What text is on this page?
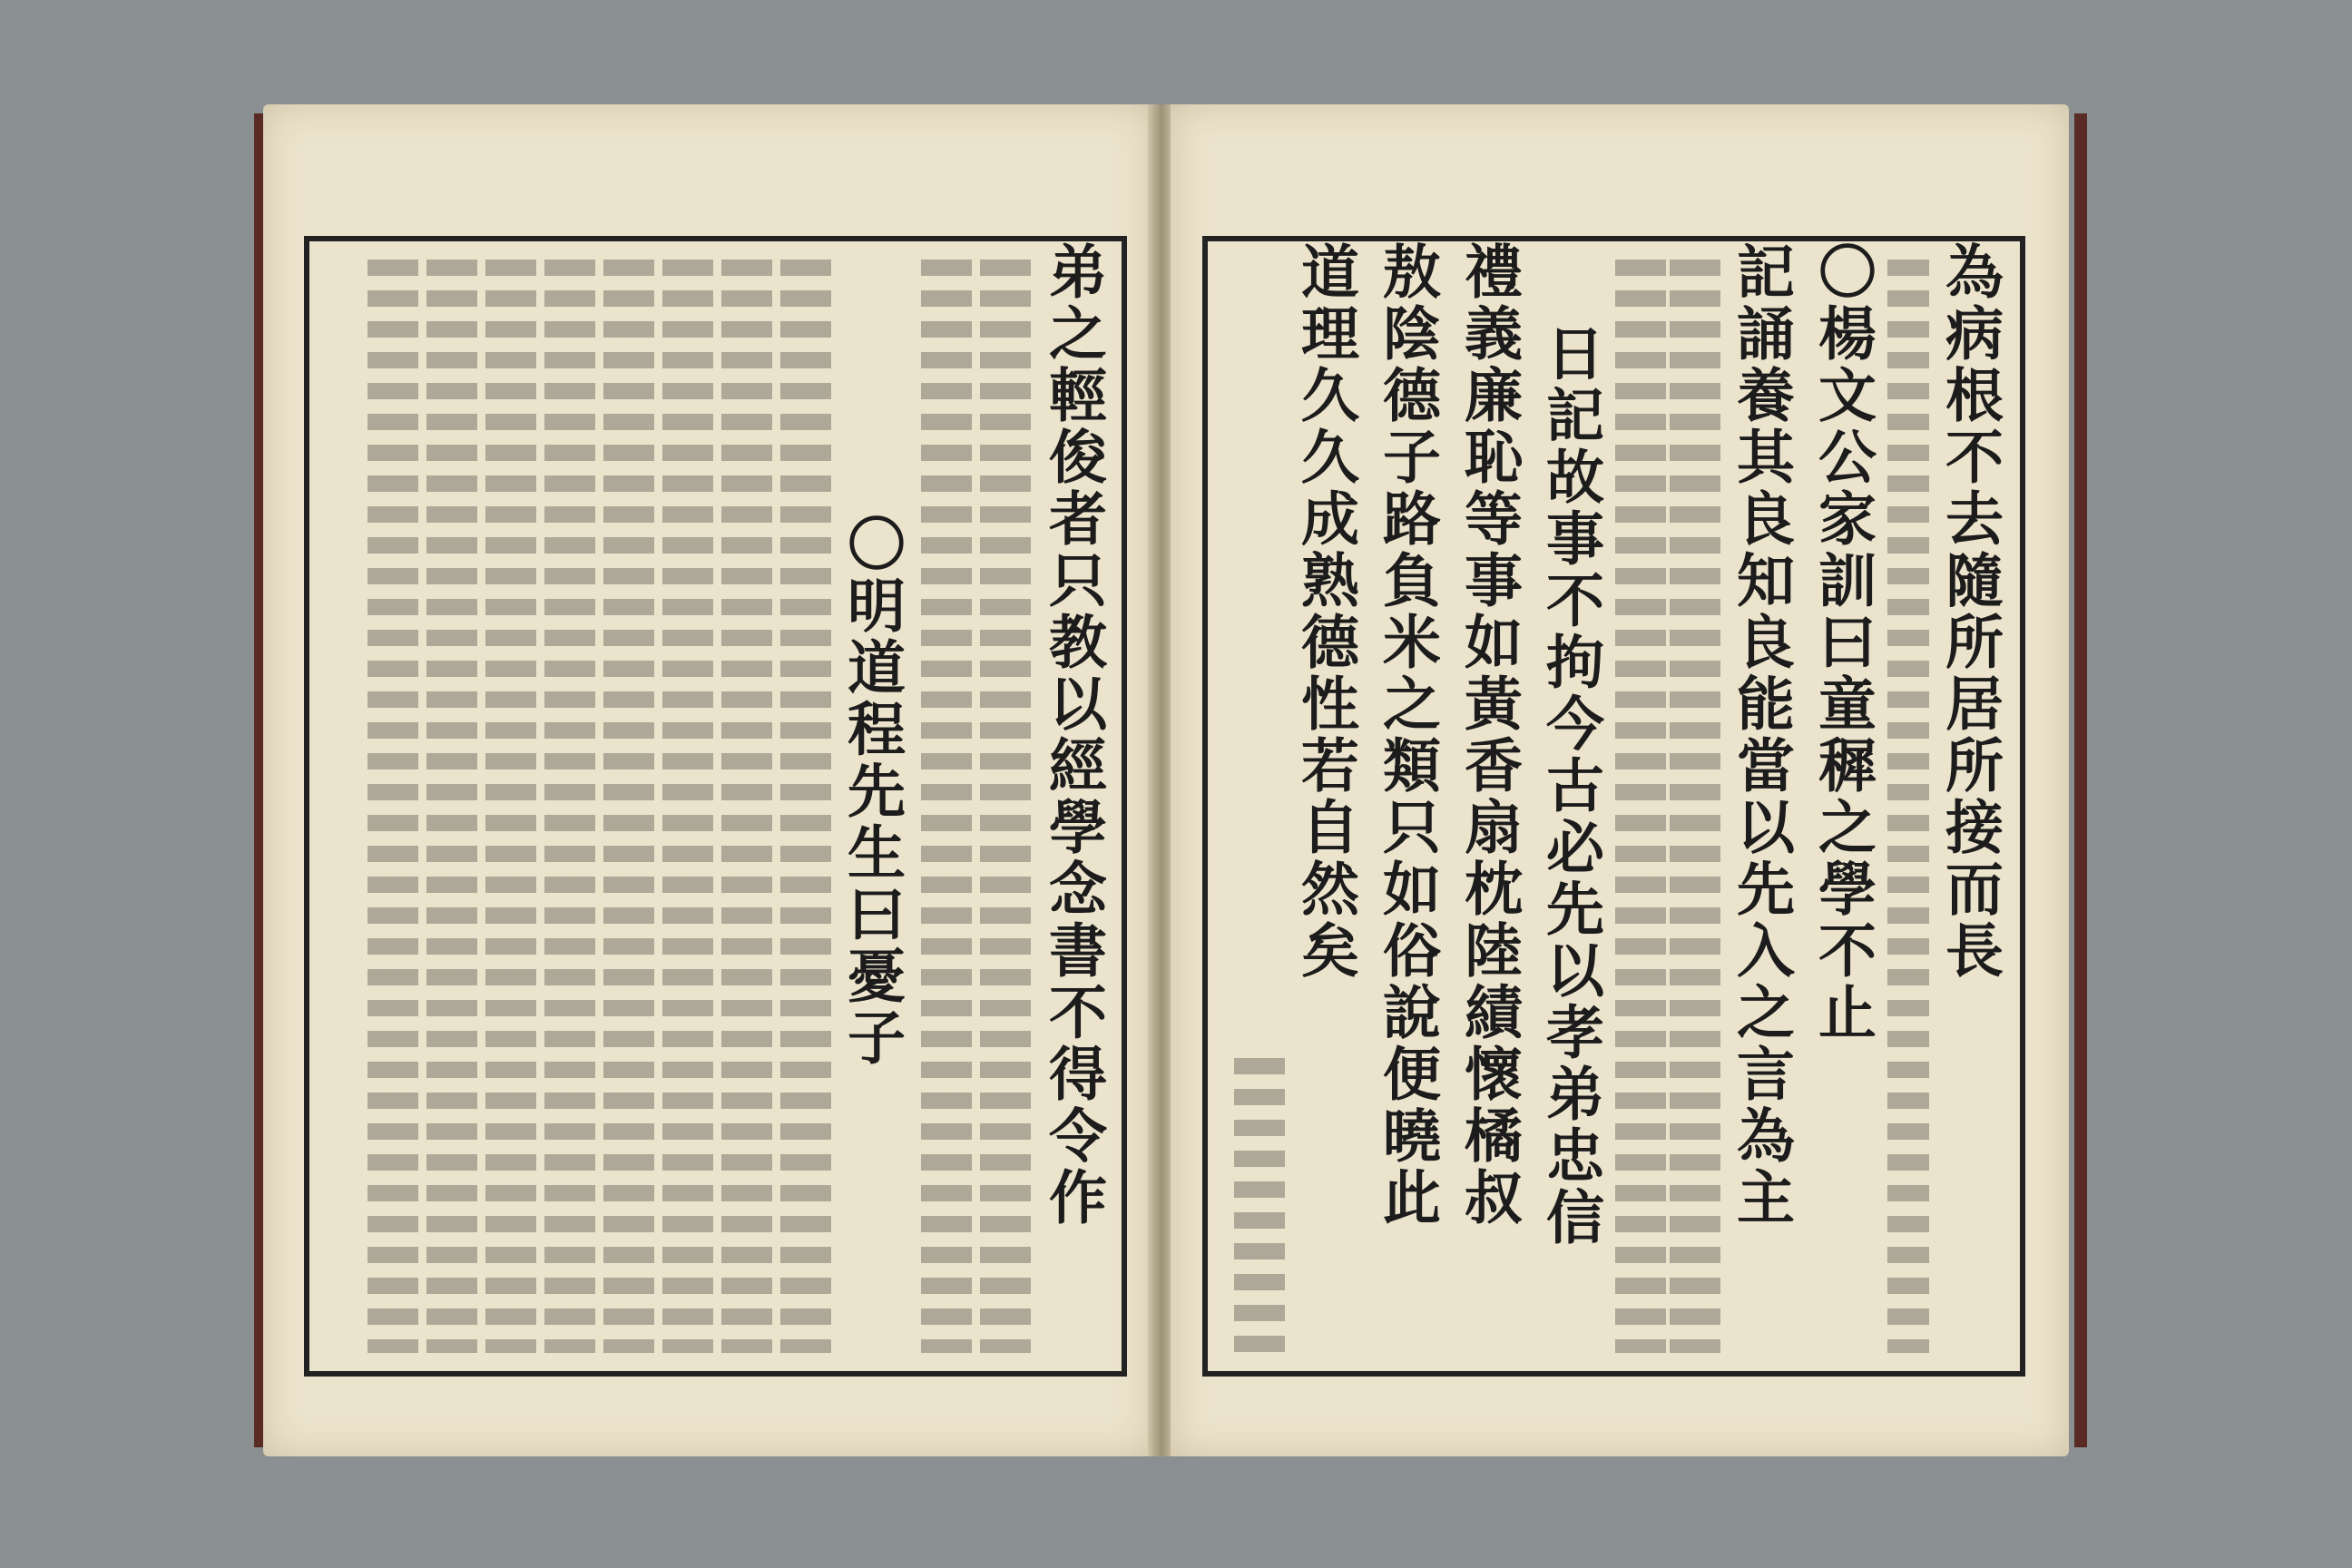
弟之輕俊者只教以經學念書不得令作
〇明道程先生曰憂子	為病根不去隨所居所接而長
〇楊文公家訓曰童穉之學不止
記誦養其良知良能當以先入之言為主
日記故事不拘今古必先以孝弟忠信
禮義廉恥等事如黃香扇枕陸績懷橘叔
敖陰德子路負米之類只如俗說便曉此
道理久久成熟德性若自然矣
